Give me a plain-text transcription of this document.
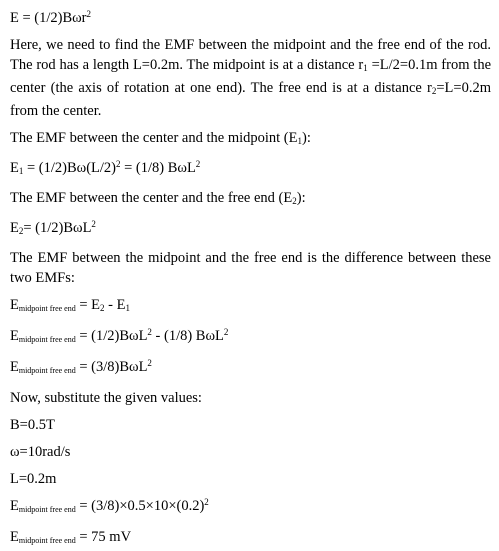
E = (1/2)Bωr$^2$

Here, we need to find the EMF between the midpoint and the free end of the rod. The rod has a length L=0.2m. The midpoint is at a distance $r_1 =L/2=0.1m$ from the center (the axis of rotation at one end). The free end is at a distance $r_2=L=0.2m$ from the center.

The EMF between the center and the midpoint $(E_1)$:

$E_1 = (1/2)B\omega(L/2)^2 = (1/8)$ BωL$^2$

The EMF between the center and the free end $(E_2)$:

$E_2= (1/2)B\omega L^2$

The EMF between the midpoint and the free end is the difference between these two EMFs:

$E_{midpoint free end} = E_2 - E_1$

$E_{midpoint free end} = (1/2)B\omega L^2 - (1/8)$ BωL$^2$

$E_{midpoint free end} = (3/8)B\omega L^2$

Now, substitute the given values:

B=0.5T

ω=10rad/s

L=0.2m

$E_{midpoint free end} = (3/8)\times 0.5\times 10\times(0.2)^2$

$E_{midpoint free end} = 75$ mV
